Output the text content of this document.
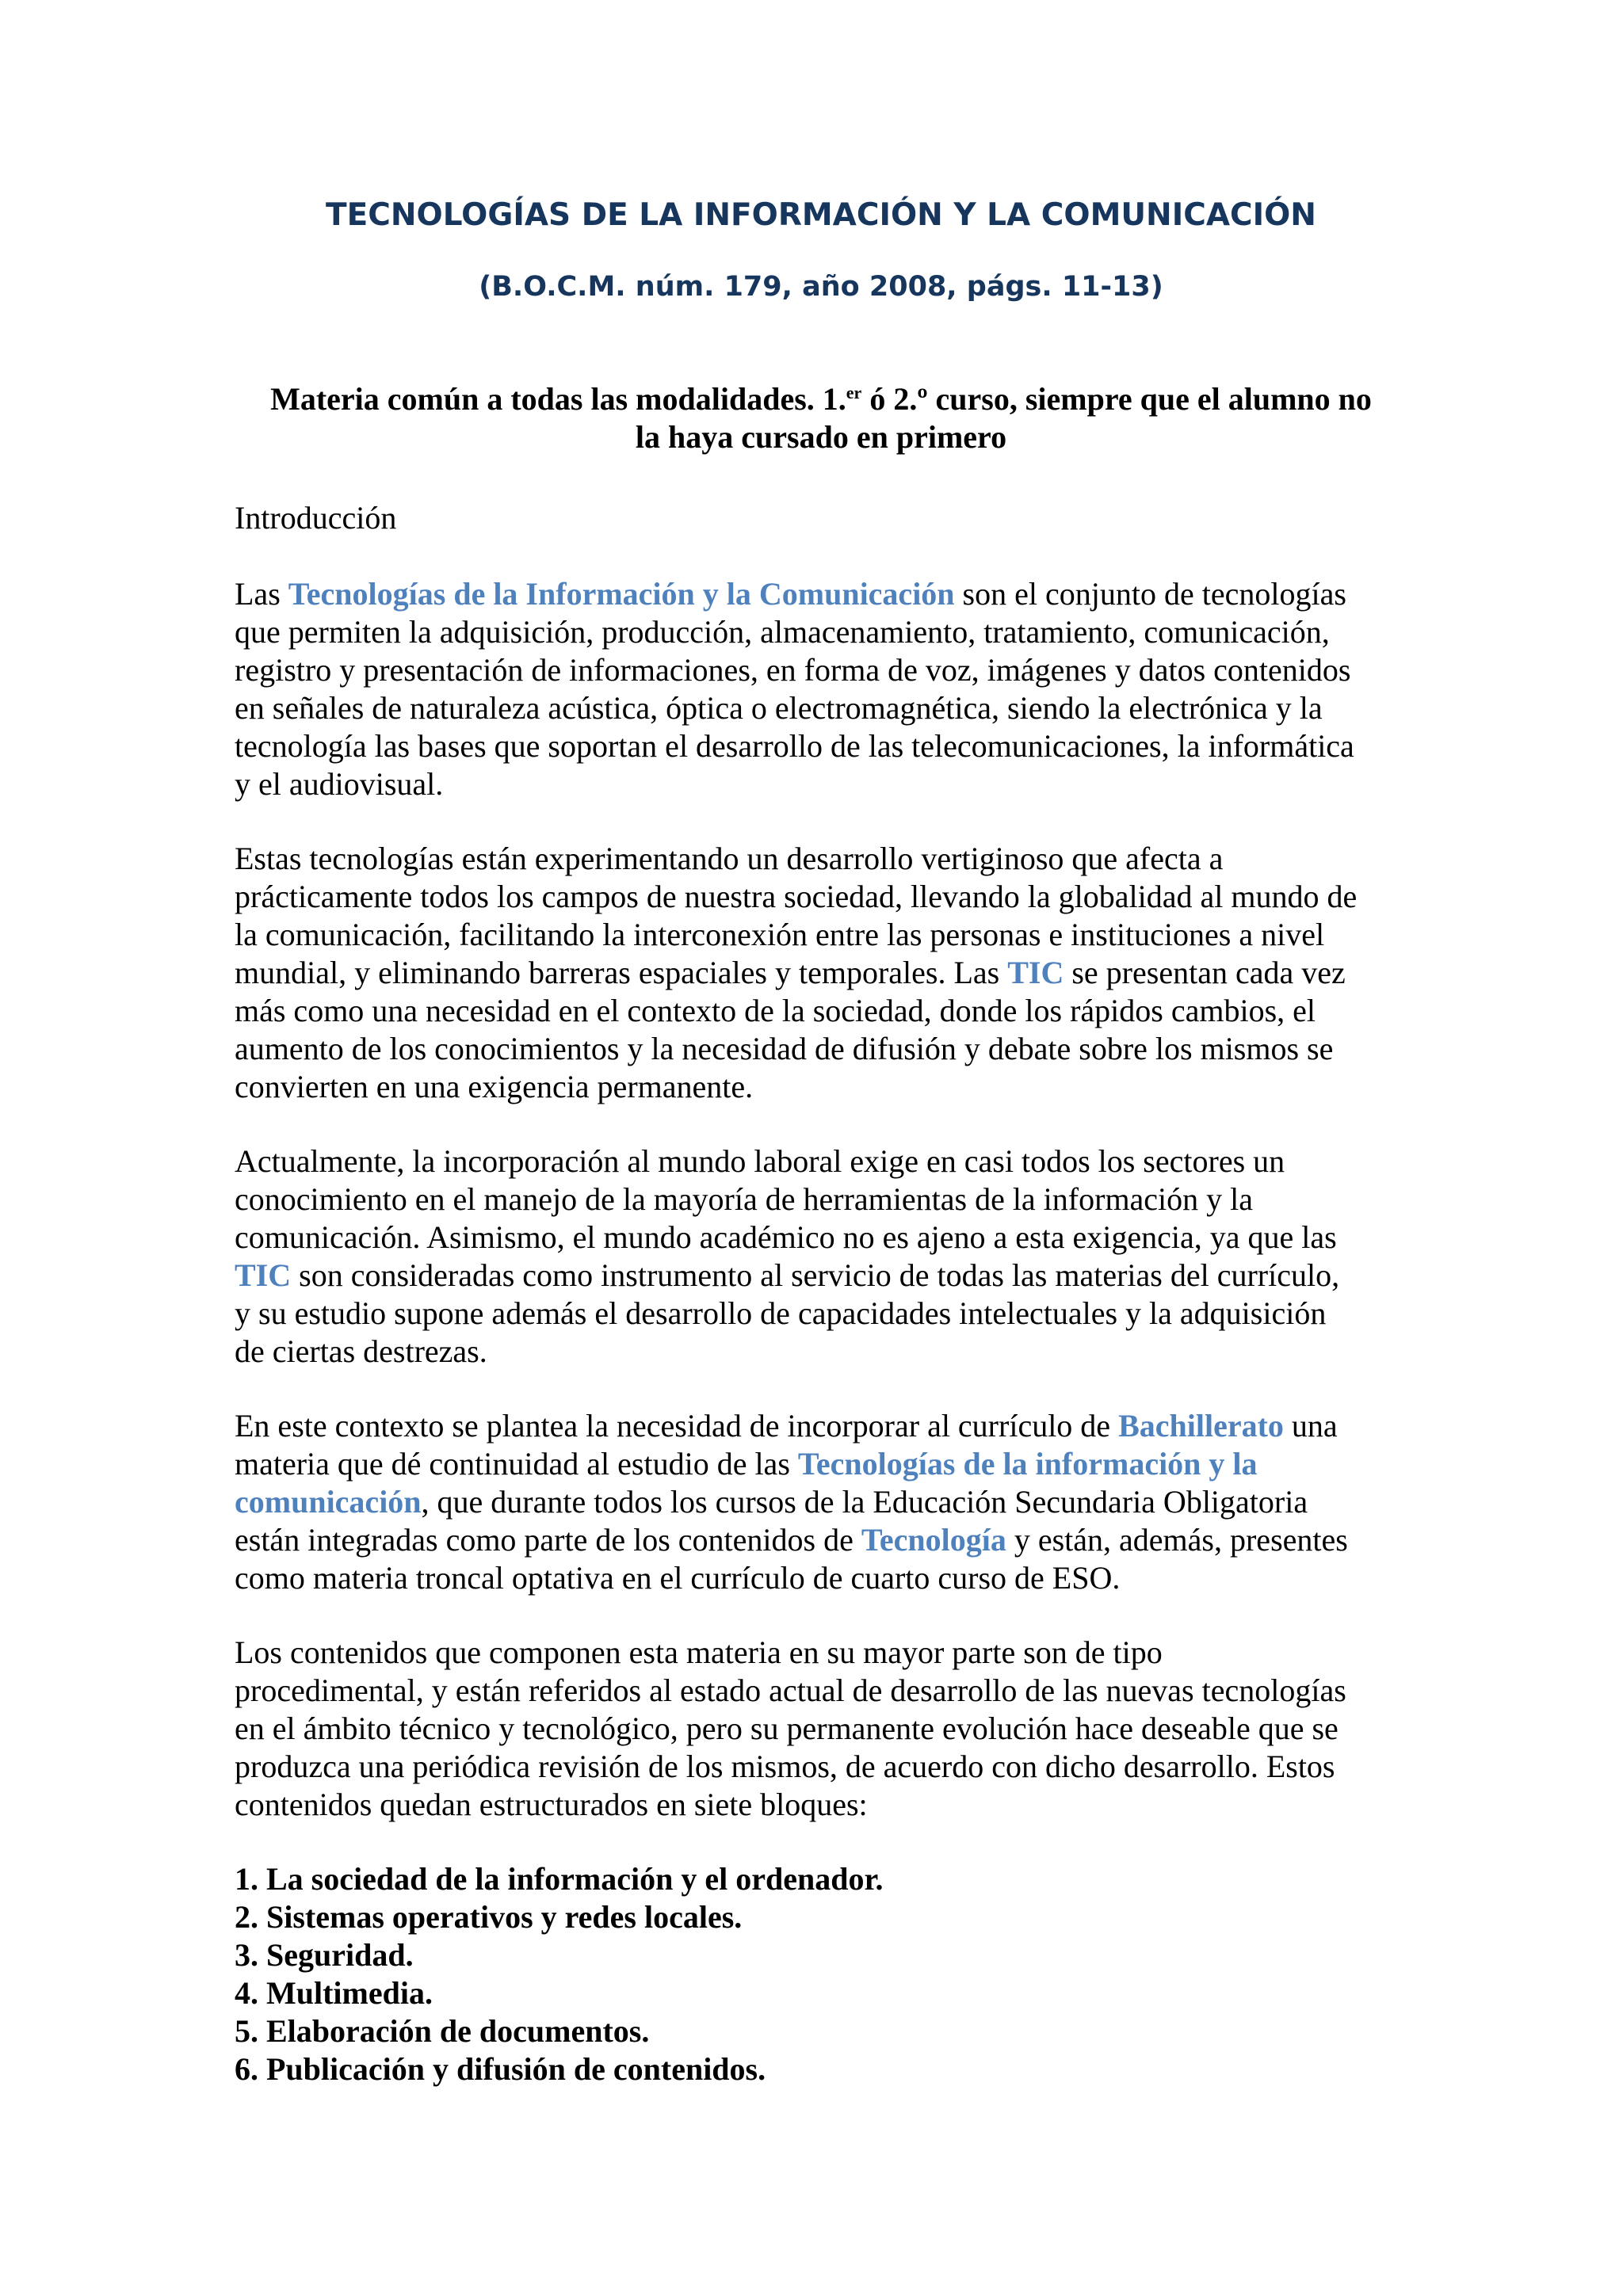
TECNOLOGÍAS DE LA INFORMACIÓN Y LA COMUNICACIÓN

(B.O.C.M. núm. 179, año 2008, págs. 11-13)

Materia común a todas las modalidades. 1.$^{er}$ ó 2.º curso, siempre que el alumno no
la haya cursado en primero

Introducción

Las Tecnologías de la Información y la Comunicación son el conjunto de tecnologías
que permiten la adquisición, producción, almacenamiento, tratamiento, comunicación,
registro y presentación de informaciones, en forma de voz, imágenes y datos contenidos
en señales de naturaleza acústica, óptica o electromagnética, siendo la electrónica y la
tecnología las bases que soportan el desarrollo de las telecomunicaciones, la informática
y el audiovisual.

Estas tecnologías están experimentando un desarrollo vertiginoso que afecta a
prácticamente todos los campos de nuestra sociedad, llevando la globalidad al mundo de
la comunicación, facilitando la interconexión entre las personas e instituciones a nivel
mundial, y eliminando barreras espaciales y temporales. Las TIC se presentan cada vez
más como una necesidad en el contexto de la sociedad, donde los rápidos cambios, el
aumento de los conocimientos y la necesidad de difusión y debate sobre los mismos se
convierten en una exigencia permanente.

Actualmente, la incorporación al mundo laboral exige en casi todos los sectores un
conocimiento en el manejo de la mayoría de herramientas de la información y la
comunicación. Asimismo, el mundo académico no es ajeno a esta exigencia, ya que las
TIC son consideradas como instrumento al servicio de todas las materias del currículo,
y su estudio supone además el desarrollo de capacidades intelectuales y la adquisición
de ciertas destrezas.

En este contexto se plantea la necesidad de incorporar al currículo de Bachillerato una
materia que dé continuidad al estudio de las Tecnologías de la información y la
comunicación, que durante todos los cursos de la Educación Secundaria Obligatoria
están integradas como parte de los contenidos de Tecnología y están, además, presentes
como materia troncal optativa en el currículo de cuarto curso de ESO.

Los contenidos que componen esta materia en su mayor parte son de tipo
procedimental, y están referidos al estado actual de desarrollo de las nuevas tecnologías
en el ámbito técnico y tecnológico, pero su permanente evolución hace deseable que se
produzca una periódica revisión de los mismos, de acuerdo con dicho desarrollo. Estos
contenidos quedan estructurados en siete bloques:

1. La sociedad de la información y el ordenador.

2. Sistemas operativos y redes locales.

3. Seguridad.

4. Multimedia.

5. Elaboración de documentos.

6. Publicación y difusión de contenidos.
